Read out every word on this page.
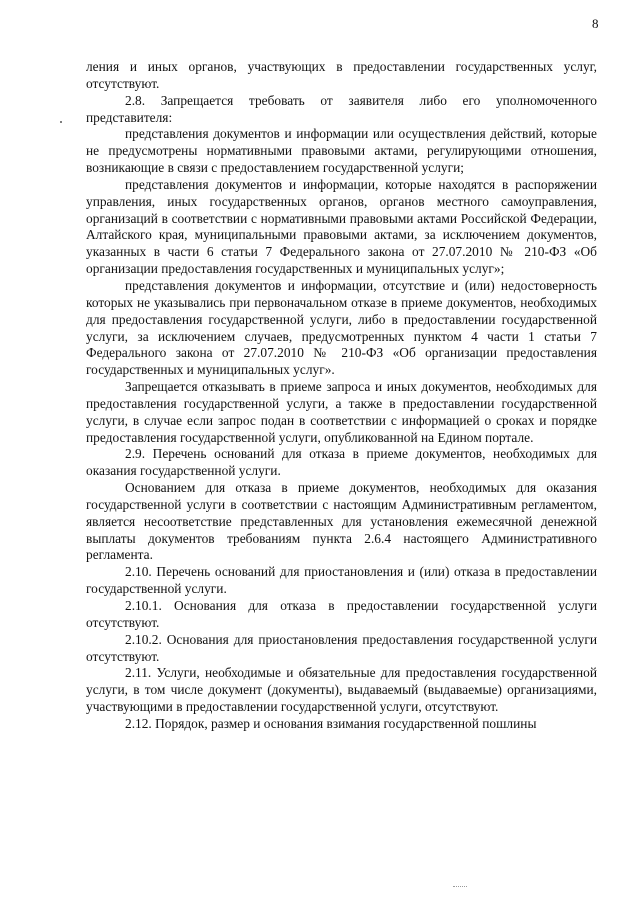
8

ления и иных органов, участвующих в предоставлении государственных услуг, отсутствуют.

2.8. Запрещается требовать от заявителя либо его уполномоченного представителя:

представления документов и информации или осуществления действий, которые не предусмотрены нормативными правовыми актами, регулирующими отношения, возникающие в связи с предоставлением государственной услуги;

представления документов и информации, которые находятся в распоряжении управления, иных государственных органов, органов местного самоуправления, организаций в соответствии с нормативными правовыми актами Российской Федерации, Алтайского края, муниципальными правовыми актами, за исключением документов, указанных в части 6 статьи 7 Федерального закона от 27.07.2010 № 210-ФЗ «Об организации предоставления государственных и муниципальных услуг»;

представления документов и информации, отсутствие и (или) недостоверность которых не указывались при первоначальном отказе в приеме документов, необходимых для предоставления государственной услуги, либо в предоставлении государственной услуги, за исключением случаев, предусмотренных пунктом 4 части 1 статьи 7 Федерального закона от 27.07.2010 № 210-ФЗ «Об организации предоставления государственных и муниципальных услуг».

Запрещается отказывать в приеме запроса и иных документов, необходимых для предоставления государственной услуги, а также в предоставлении государственной услуги, в случае если запрос подан в соответствии с информацией о сроках и порядке предоставления государственной услуги, опубликованной на Едином портале.

2.9. Перечень оснований для отказа в приеме документов, необходимых для оказания государственной услуги.

Основанием для отказа в приеме документов, необходимых для оказания государственной услуги в соответствии с настоящим Административным регламентом, является несоответствие представленных для установления ежемесячной денежной выплаты документов требованиям пункта 2.6.4 настоящего Административного регламента.

2.10. Перечень оснований для приостановления и (или) отказа в предоставлении государственной услуги.

2.10.1. Основания для отказа в предоставлении государственной услуги отсутствуют.

2.10.2. Основания для приостановления предоставления государственной услуги отсутствуют.

2.11. Услуги, необходимые и обязательные для предоставления государственной услуги, в том числе документ (документы), выдаваемый (выдаваемые) организациями, участвующими в предоставлении государственной услуги, отсутствуют.

2.12. Порядок, размер и основания взимания государственной пошлины
